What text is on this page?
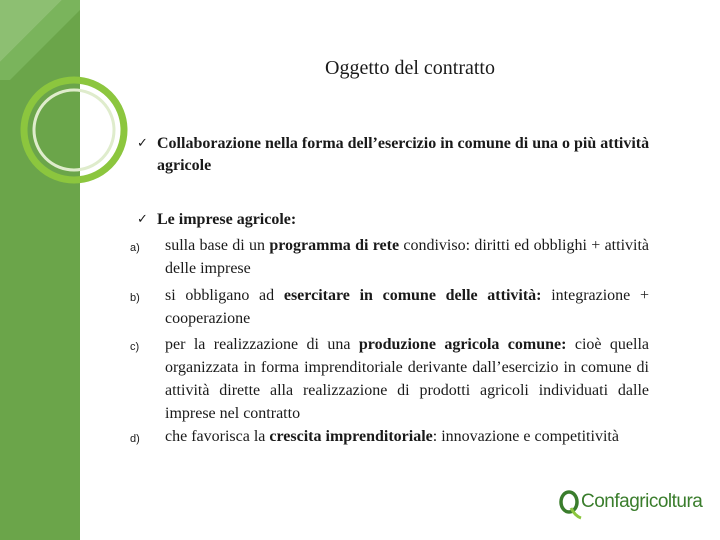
Oggetto del contratto
✓ Collaborazione nella forma dell’esercizio in comune di una o più attività agricole
✓ Le imprese agricole:
a) sulla base di un programma di rete condiviso: diritti ed obblighi + attività delle imprese
b) si obbligano ad esercitare in comune delle attività: integrazione + cooperazione
c) per la realizzazione di una produzione agricola comune: cioè quella organizzata in forma imprenditoriale derivante dall’esercizio in comune di attività dirette alla realizzazione di prodotti agricoli individuati dalle imprese nel contratto
d) che favorisca la crescita imprenditoriale: innovazione e competitività
Confagricoltura
